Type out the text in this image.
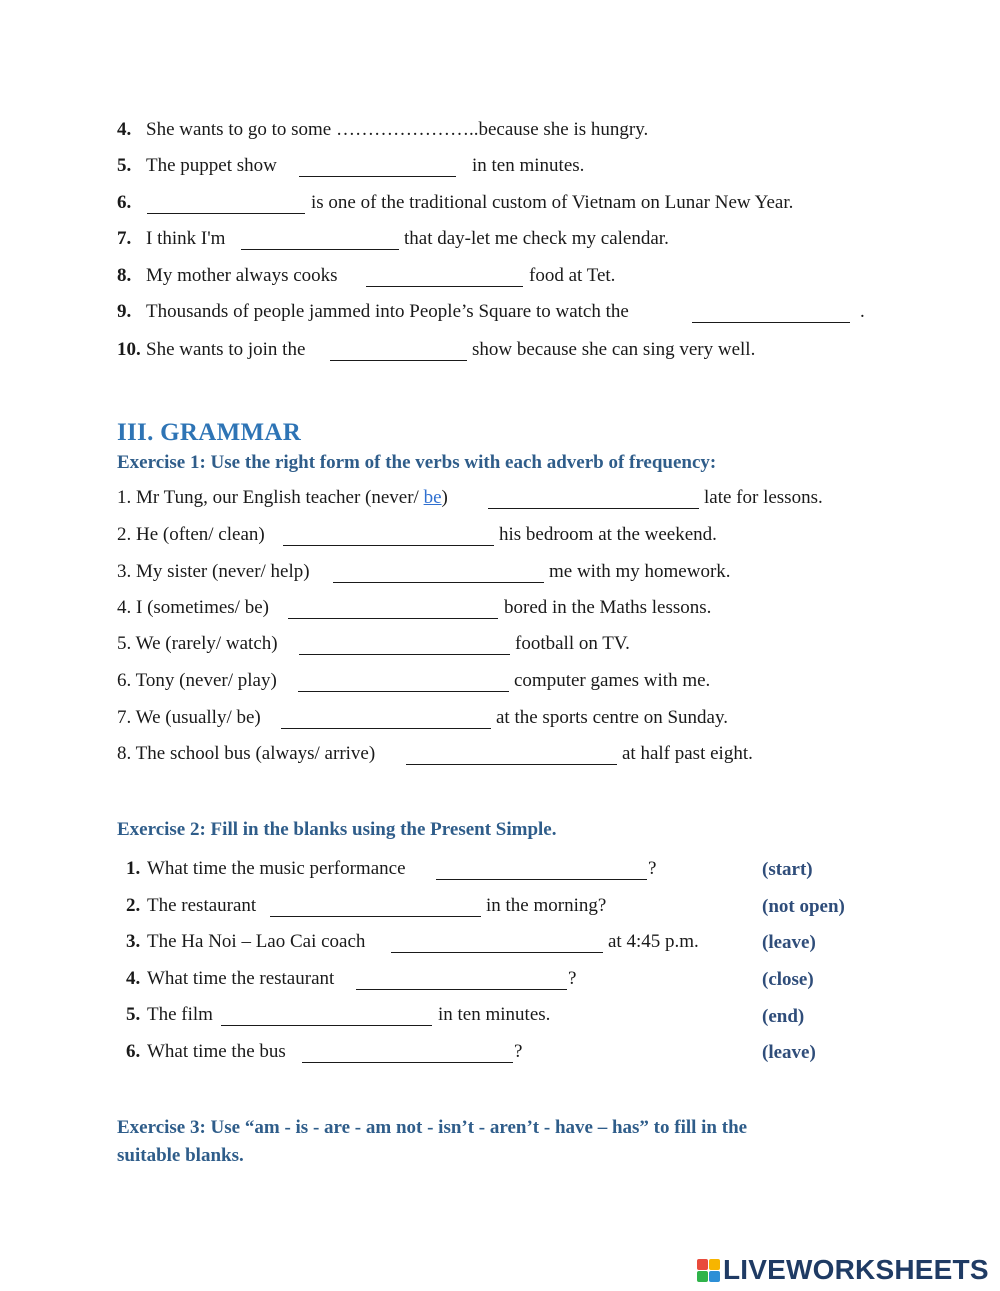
4. She wants to go to some …………………..because she is hungry.
5. The puppet show	in ten minutes.
6.	is one of the traditional custom of Vietnam on Lunar New Year.
7. I think I'm	that day-let me check my calendar.
8. My mother always cooks	food at Tet.
9. Thousands of people jammed into People’s Square to watch the	.
10. She wants to join the	show because she can sing very well.
III. GRAMMAR
Exercise 1: Use the right form of the verbs with each adverb of frequency:
1. Mr Tung, our English teacher (never/ be)	late for lessons.
2. He (often/ clean)	his bedroom at the weekend.
3. My sister (never/ help)	me with my homework.
4. I (sometimes/ be)	bored in the Maths lessons.
5. We (rarely/ watch)	football on TV.
6. Tony (never/ play)	computer games with me.
7. We (usually/ be)	at the sports centre on Sunday.
8. The school bus (always/ arrive)	at half past eight.
Exercise 2: Fill in the blanks using the Present Simple.
1. What time the music performance	?	(start)
2. The restaurant	in the morning?	(not open)
3. The Ha Noi – Lao Cai coach	at 4:45 p.m.	(leave)
4. What time the restaurant	?	(close)
5. The film	in ten minutes.	(end)
6. What time the bus	?	(leave)
Exercise 3: Use “am - is - are - am not - isn’t - aren’t - have – has” to fill in the
suitable blanks.
LIVEWORKSHEETS
